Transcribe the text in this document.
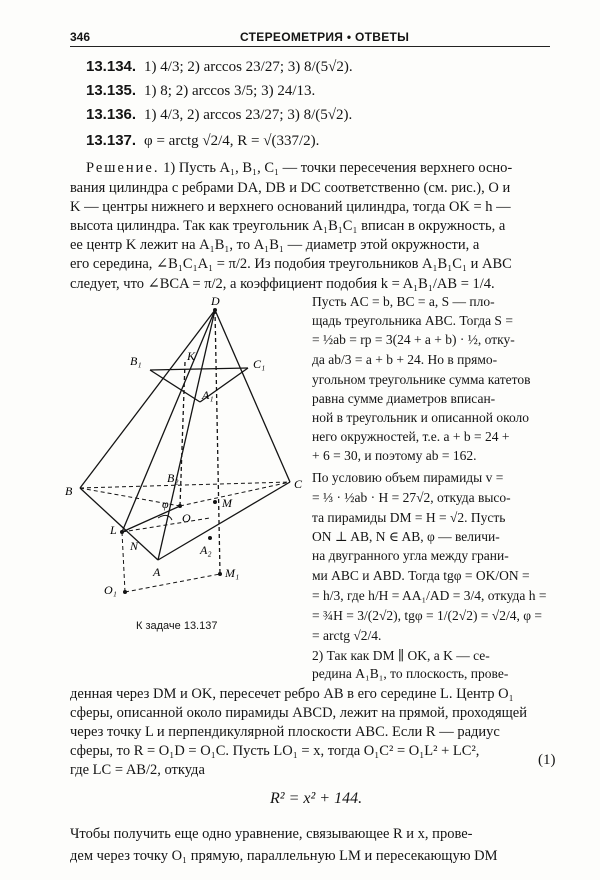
346	СТЕРЕОМЕТРИЯ • ОТВЕТЫ
13.134. 1) 4/3; 2) arccos 23/27; 3) 8/(5√2).
13.135. 1) 8; 2) arccos 3/5; 3) 24/13.
13.136. 1) 4/3, 2) arccos 23/27; 3) 8/(5√2).
13.137. φ = arctg √2/4, R = √(337/2).
Решение. 1) Пусть A₁, B₁, C₁ — точки пересечения верхнего осно-
вания цилиндра с ребрами DA, DB и DC соответственно (см. рис.), O и
K — центры нижнего и верхнего оснований цилиндра, тогда OK = h —
высота цилиндра. Так как треугольник A₁B₁C₁ вписан в окружность, а
ее центр K лежит на A₁B₁, то A₁B₁ — диаметр этой окружности, а
его середина, ∠B₁C₁A₁ = π/2. Из подобия треугольников A₁B₁C₁ и ABC
следует, что ∠BCA = π/2, а коэффициент подобия k = A₁B₁/AB = 1/4.
D
B₁	C₁
K
A₁
B	C
B₂
M
O
φ
L
N	A₂
A	M₁
O₁
К задаче 13.137
Пусть AC = b, BC = a, S — пло-
щадь треугольника ABC. Тогда S =
= ½ab = rp = 3(24 + a + b) · ½, отку-
да ab/3 = a + b + 24. Но в прямо-
угольном треугольнике сумма катетов
равна сумме диаметров вписан-
ной в треугольник и описанной около
него окружностей, т.е. a + b = 24 +
+ 6 = 30, и поэтому ab = 162.
По условию объем пирамиды v =
= ⅓ · ½ab · H = 27√2, откуда высо-
та пирамиды DM = H = √2. Пусть
ON ⊥ AB, N ∈ AB, φ — величи-
на двугранного угла между грани-
ми ABC и ABD. Тогда tgφ = OK/ON =
= h/3, где h/H = AA₁/AD = 3/4, откуда h =
= ¾H = 3/(2√2), tgφ = 1/(2√2) = √2/4, φ =
= arctg √2/4.
2) Так как DM ∥ OK, а K — се-
редина A₁B₁, то плоскость, прове-
денная через DM и OK, пересечет ребро AB в его середине L. Центр O₁
сферы, описанной около пирамиды ABCD, лежит на прямой, проходящей
через точку L и перпендикулярной плоскости ABC. Если R — радиус
сферы, то R = O₁D = O₁C. Пусть LO₁ = x, тогда O₁C² = O₁L² + LC²,
где LC = AB/2, откуда
(1)
R² = x² + 144.
Чтобы получить еще одно уравнение, связывающее R и x, прове-
дем через точку O₁ прямую, параллельную LM и пересекающую DM
